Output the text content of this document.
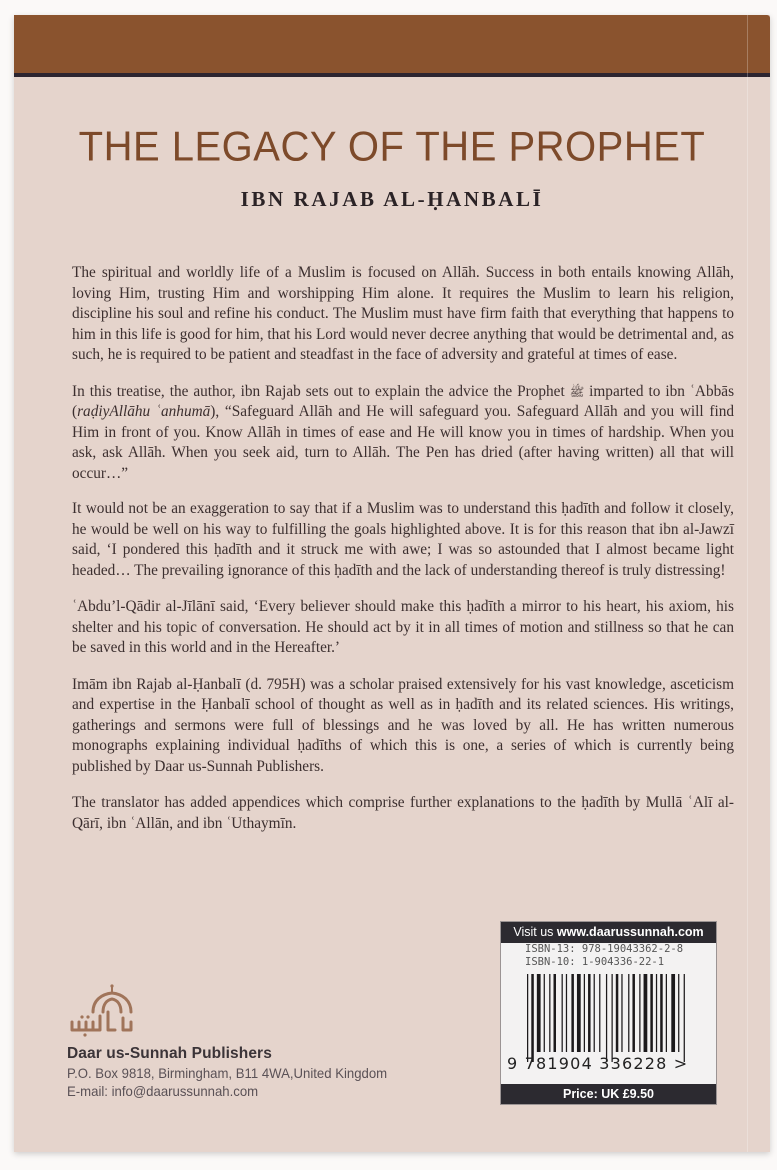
THE LEGACY OF THE PROPHET
IBN RAJAB AL-ḤANBALĪ

The spiritual and worldly life of a Muslim is focused on Allāh. Success in both entails knowing Allāh, loving Him, trusting Him and worshipping Him alone. It requires the Muslim to learn his religion, discipline his soul and refine his conduct. The Muslim must have firm faith that everything that happens to him in this life is good for him, that his Lord would never decree anything that would be detrimental and, as such, he is required to be patient and steadfast in the face of adversity and grateful at times of ease.

In this treatise, the author, ibn Rajab sets out to explain the advice the Prophet ﷺ imparted to ibn ʿAbbās (raḍiyAllāhu ʿanhumā), “Safeguard Allāh and He will safeguard you. Safeguard Allāh and you will find Him in front of you. Know Allāh in times of ease and He will know you in times of hardship. When you ask, ask Allāh. When you seek aid, turn to Allāh. The Pen has dried (after having written) all that will occur…”

It would not be an exaggeration to say that if a Muslim was to understand this ḥadīth and follow it closely, he would be well on his way to fulfilling the goals highlighted above. It is for this reason that ibn al-Jawzī said, ‘I pondered this ḥadīth and it struck me with awe; I was so astounded that I almost became light headed… The prevailing ignorance of this ḥadīth and the lack of understanding thereof is truly distressing!

ʿAbdu’l-Qādir al-Jīlānī said, ‘Every believer should make this ḥadīth a mirror to his heart, his axiom, his shelter and his topic of conversation. He should act by it in all times of motion and stillness so that he can be saved in this world and in the Hereafter.’

Imām ibn Rajab al-Ḥanbalī (d. 795H) was a scholar praised extensively for his vast knowledge, asceticism and expertise in the Ḥanbalī school of thought as well as in ḥadīth and its related sciences. His writings, gatherings and sermons were full of blessings and he was loved by all. He has written numerous monographs explaining individual ḥadīths of which this is one, a series of which is currently being published by Daar us-Sunnah Publishers.

The translator has added appendices which comprise further explanations to the ḥadīth by Mullā ʿAlī al-Qārī, ibn ʿAllān, and ibn ʿUthaymīn.

Daar us-Sunnah Publishers
P.O. Box 9818, Birmingham, B11 4WA,United Kingdom
E-mail: info@daarussunnah.com
Visit us www.daarussunnah.com
ISBN-13: 978-19043362-2-8
ISBN-10: 1-904336-22-1
9 781904 336228 >
Price: UK £9.50
